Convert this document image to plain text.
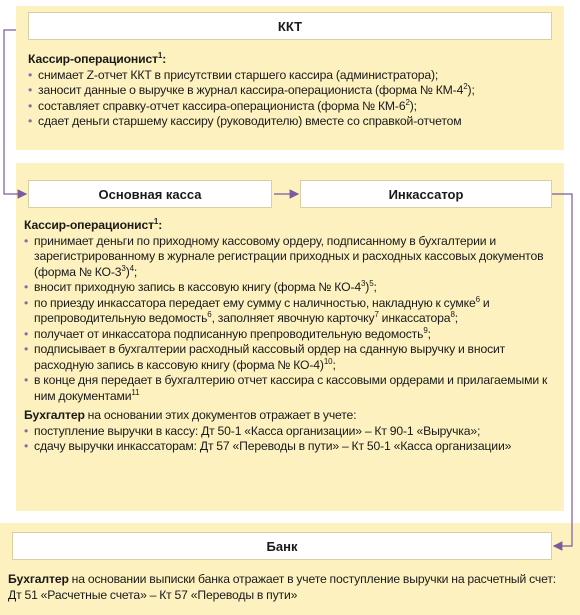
ККТ

Кассир-операционист$^1$:

• снимает Z-отчет ККТ в присутствии старшего кассира (администратора);

• заносит данные о выручке в журнал кассира-операциониста (форма № $КМ-4^2$);

• составляет справку-отчет кассира-операциониста (форма № $КМ-6^2$);

• сдает деньги старшему кассиру (руководителю) вместе со справкой-отчетом

Основная касса	Инкассатор

Кассир-операционист$^1$:

• принимает деньги по приходному кассовому ордеру, подписанному в бухгалтерии и зарегистрированному в журнале регистрации приходных и расходных кассовых документов (форма № $КО-3^3)^4$;

• вносит приходную запись в кассовую книгу (форма № $КО-4^3)^5$;

• по приезду инкассатора передает ему сумму с наличностью, накладную к сумке$^6$ и препроводительную ведомость$^6$, заполняет явочную карточку$^7$ инкассатора$^8$;

• получает от инкассатора подписанную препроводительную ведомость$^9$;

• подписывает в бухгалтерии расходный кассовый ордер на сданную выручку и вносит расходную запись в кассовую книгу (форма № КО-4)$^{10}$;

• в конце дня передает в бухгалтерию отчет кассира с кассовыми ордерами и прилагаемыми к ним документами$^{11}$

Бухгалтер на основании этих документов отражает в учете:

• поступление выручки в кассу: Дт 50-1 «Касса организации» – Кт 90-1 «Выручка»;

• сдачу выручки инкассаторам: Дт 57 «Переводы в пути» – Кт 50-1 «Касса организации»

Банк

Бухгалтер на основании выписки банка отражает в учете поступление выручки на расчетный счет: Дт 51 «Расчетные счета» – Кт 57 «Переводы в пути»
